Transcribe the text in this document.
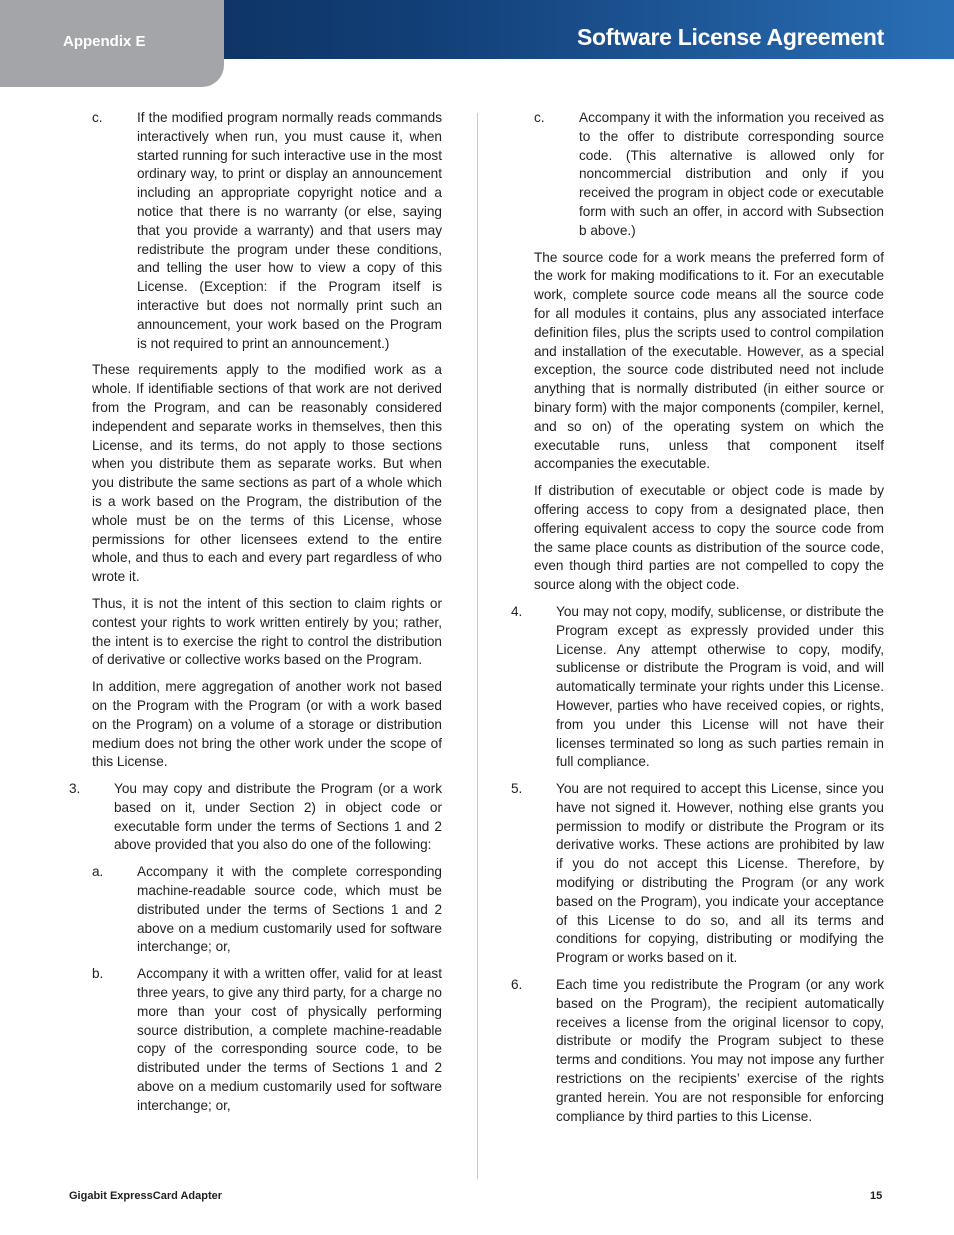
Appendix E	Software License Agreement
c.	If the modified program normally reads commands interactively when run, you must cause it, when started running for such interactive use in the most ordinary way, to print or display an announcement including an appropriate copyright notice and a notice that there is no warranty (or else, saying that you provide a warranty) and that users may redistribute the program under these conditions, and telling the user how to view a copy of this License. (Exception: if the Program itself is interactive but does not normally print such an announcement, your work based on the Program is not required to print an announcement.)
These requirements apply to the modified work as a whole. If identifiable sections of that work are not derived from the Program, and can be reasonably considered independent and separate works in themselves, then this License, and its terms, do not apply to those sections when you distribute them as separate works. But when you distribute the same sections as part of a whole which is a work based on the Program, the distribution of the whole must be on the terms of this License, whose permissions for other licensees extend to the entire whole, and thus to each and every part regardless of who wrote it.
Thus, it is not the intent of this section to claim rights or contest your rights to work written entirely by you; rather, the intent is to exercise the right to control the distribution of derivative or collective works based on the Program.
In addition, mere aggregation of another work not based on the Program with the Program (or with a work based on the Program) on a volume of a storage or distribution medium does not bring the other work under the scope of this License.
3. You may copy and distribute the Program (or a work based on it, under Section 2) in object code or executable form under the terms of Sections 1 and 2 above provided that you also do one of the following:
a. Accompany it with the complete corresponding machine-readable source code, which must be distributed under the terms of Sections 1 and 2 above on a medium customarily used for software interchange; or,
b. Accompany it with a written offer, valid for at least three years, to give any third party, for a charge no more than your cost of physically performing source distribution, a complete machine-readable copy of the corresponding source code, to be distributed under the terms of Sections 1 and 2 above on a medium customarily used for software interchange; or,
c.	Accompany it with the information you received as to the offer to distribute corresponding source code. (This alternative is allowed only for noncommercial distribution and only if you received the program in object code or executable form with such an offer, in accord with Subsection b above.)
The source code for a work means the preferred form of the work for making modifications to it. For an executable work, complete source code means all the source code for all modules it contains, plus any associated interface definition files, plus the scripts used to control compilation and installation of the executable. However, as a special exception, the source code distributed need not include anything that is normally distributed (in either source or binary form) with the major components (compiler, kernel, and so on) of the operating system on which the executable runs, unless that component itself accompanies the executable.
If distribution of executable or object code is made by offering access to copy from a designated place, then offering equivalent access to copy the source code from the same place counts as distribution of the source code, even though third parties are not compelled to copy the source along with the object code.
4. You may not copy, modify, sublicense, or distribute the Program except as expressly provided under this License. Any attempt otherwise to copy, modify, sublicense or distribute the Program is void, and will automatically terminate your rights under this License. However, parties who have received copies, or rights, from you under this License will not have their licenses terminated so long as such parties remain in full compliance.
5. You are not required to accept this License, since you have not signed it. However, nothing else grants you permission to modify or distribute the Program or its derivative works. These actions are prohibited by law if you do not accept this License. Therefore, by modifying or distributing the Program (or any work based on the Program), you indicate your acceptance of this License to do so, and all its terms and conditions for copying, distributing or modifying the Program or works based on it.
6. Each time you redistribute the Program (or any work based on the Program), the recipient automatically receives a license from the original licensor to copy, distribute or modify the Program subject to these terms and conditions. You may not impose any further restrictions on the recipients’ exercise of the rights granted herein. You are not responsible for enforcing compliance by third parties to this License.
Gigabit ExpressCard Adapter	15
